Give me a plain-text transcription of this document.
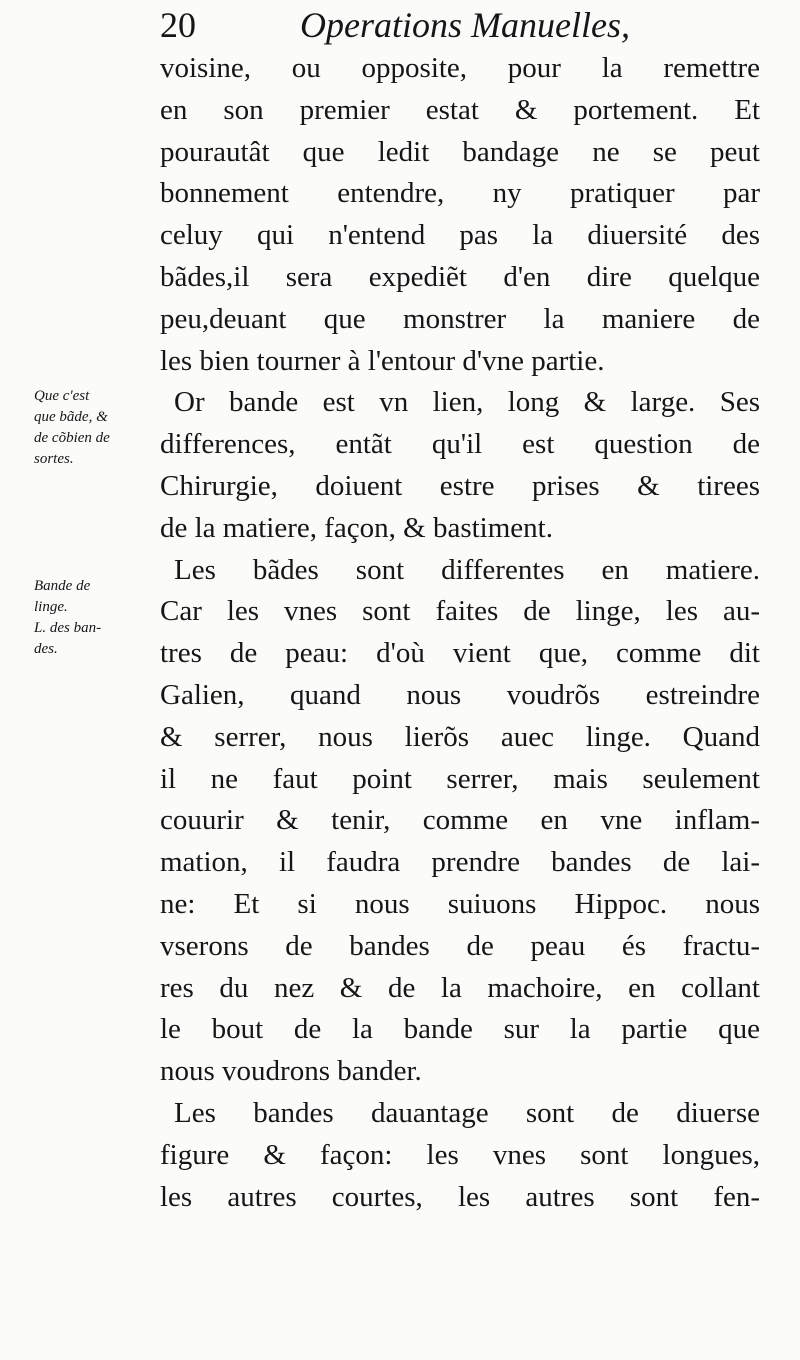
20	Operations Manuelles,
Que c'est
que bãde, &
de cõbien de
sortes.
Bande de
linge.
L. des ban-
des.
voisine, ou opposite, pour la remettre
en son premier estat & portement. Et
pourautât que ledit bandage ne se peut
bonnement entendre, ny pratiquer par
celuy qui n'entend pas la diuersité des
bãdes,il sera expediẽt d'en dire quelque
peu,deuant que monstrer la maniere de
les bien tourner à l'entour d'vne partie.
Or bande est vn lien, long & large. Ses
differences, entãt qu'il est question de
Chirurgie, doiuent estre prises & tirees
de la matiere, façon, & bastiment.
Les bãdes sont differentes en matiere.
Car les vnes sont faites de linge, les au-
tres de peau: d'où vient que, comme dit
Galien, quand nous voudrõs estreindre
& serrer, nous lierõs auec linge. Quand
il ne faut point serrer, mais seulement
couurir & tenir, comme en vne inflam-
mation, il faudra prendre bandes de lai-
ne: Et si nous suiuons Hippoc. nous
vserons de bandes de peau és fractu-
res du nez & de la machoire, en collant
le bout de la bande sur la partie que
nous voudrons bander.
Les bandes dauantage sont de diuerse
figure & façon: les vnes sont longues,
les autres courtes, les autres sont fen-
